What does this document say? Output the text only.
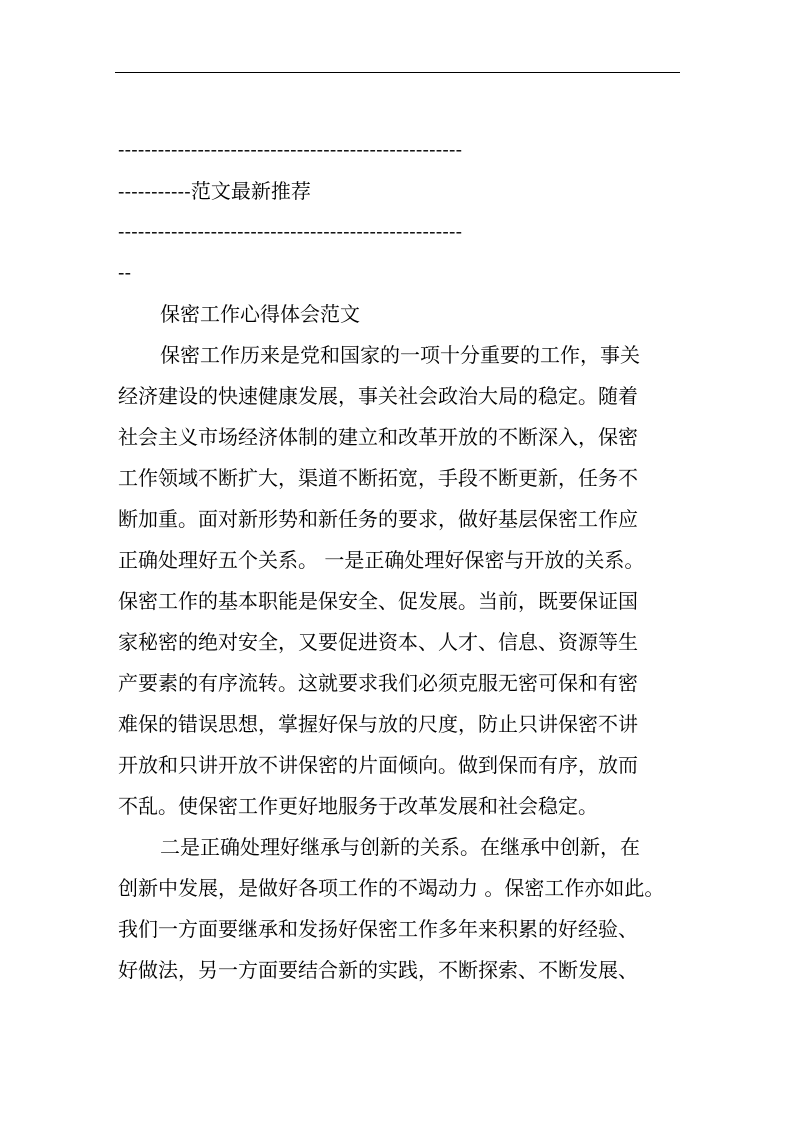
----------------------------------------------------
-----------范文最新推荐
----------------------------------------------------
--
保密工作心得体会范文
保密工作历来是党和国家的一项十分重要的工作，事关
经济建设的快速健康发展，事关社会政治大局的稳定。随着
社会主义市场经济体制的建立和改革开放的不断深入，保密
工作领域不断扩大，渠道不断拓宽，手段不断更新，任务不
断加重。面对新形势和新任务的要求，做好基层保密工作应
正确处理好五个关系。 一是正确处理好保密与开放的关系。
保密工作的基本职能是保安全、促发展。当前，既要保证国
家秘密的绝对安全，又要促进资本、人才、信息、资源等生
产要素的有序流转。这就要求我们必须克服无密可保和有密
难保的错误思想，掌握好保与放的尺度，防止只讲保密不讲
开放和只讲开放不讲保密的片面倾向。做到保而有序，放而
不乱。使保密工作更好地服务于改革发展和社会稳定。
二是正确处理好继承与创新的关系。在继承中创新，在
创新中发展，是做好各项工作的不竭动力 。保密工作亦如此。
我们一方面要继承和发扬好保密工作多年来积累的好经验、
好做法，另一方面要结合新的实践，不断探索、不断发展、
